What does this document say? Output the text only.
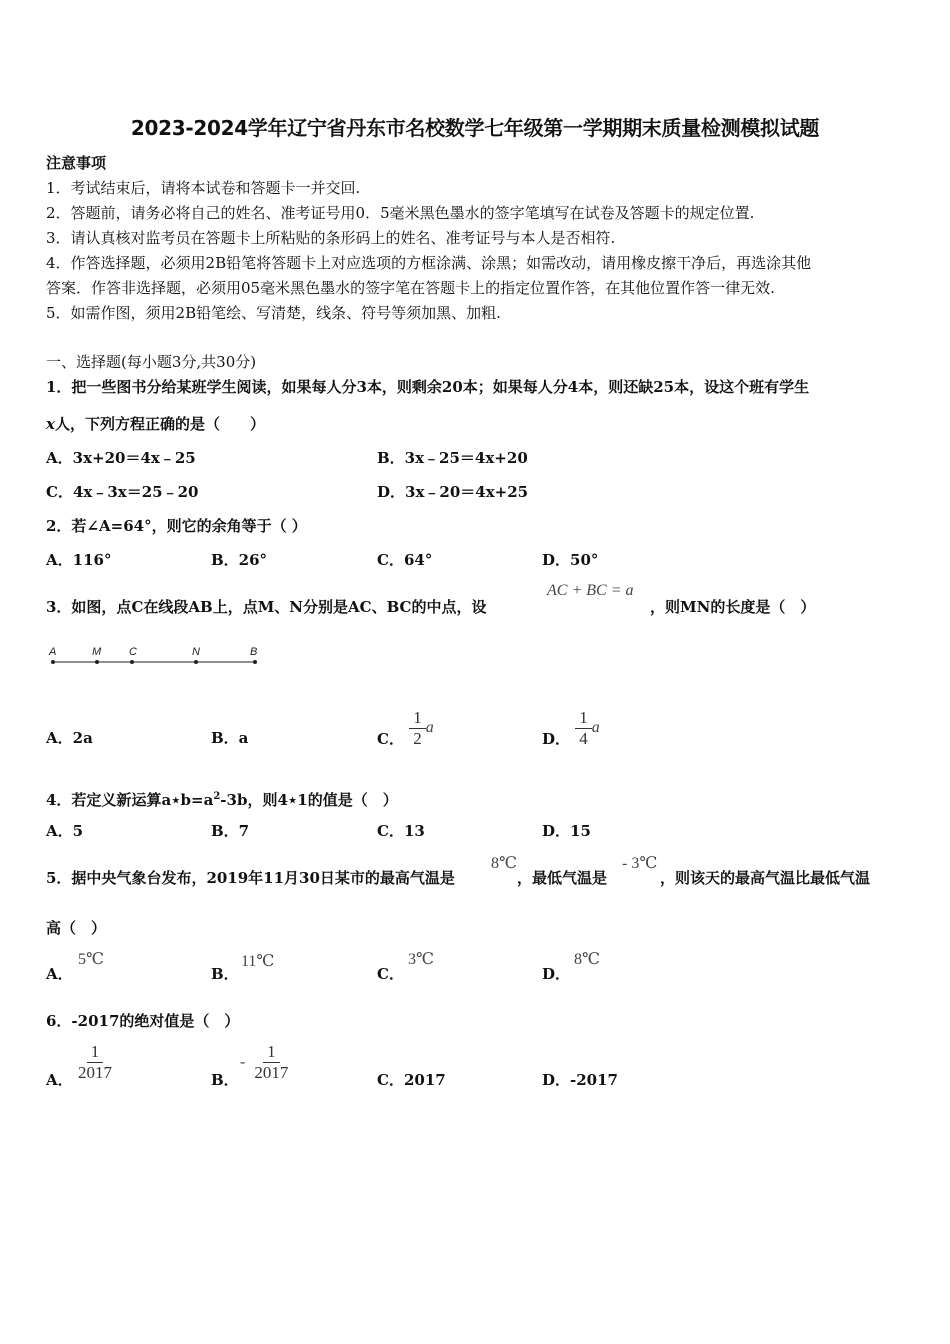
2023-2024学年辽宁省丹东市名校数学七年级第一学期期末质量检测模拟试题
注意事项
1．考试结束后，请将本试卷和答题卡一并交回.
2．答题前，请务必将自己的姓名、准考证号用0．5毫米黑色墨水的签字笔填写在试卷及答题卡的规定位置.
3．请认真核对监考员在答题卡上所粘贴的条形码上的姓名、准考证号与本人是否相符.
4．作答选择题，必须用2B铅笔将答题卡上对应选项的方框涂满、涂黑；如需改动，请用橡皮擦干净后，再选涂其他
答案．作答非选择题，必须用05毫米黑色墨水的签字笔在答题卡上的指定位置作答，在其他位置作答一律无效.
5．如需作图，须用2B铅笔绘、写清楚，线条、符号等须加黑、加粗.
一、选择题(每小题3分,共30分)
1．把一些图书分给某班学生阅读，如果每人分3本，则剩余20本；如果每人分4本，则还缺25本，设这个班有学生
x人，下列方程正确的是（　　）
A．3x+20＝4x﹣25	B．3x﹣25＝4x+20
C．4x﹣3x＝25﹣20	D．3x﹣20＝4x+25
2．若∠A=64°，则它的余角等于（ ）
A．116°	B．26°	C．64°	D．50°
3．如图，点C在线段AB上，点M、N分别是AC、BC的中点，设
AC + BC = a
，则MN的长度是（　）
A	M	C	N	B
A．2a	B．a	C． $\frac{1}{2}$ a
D． $\frac{1}{4}$ a
4．若定义新运算$a⋆b=a^2-3b$，则4⋆1的值是（　）
A．5	B．7	C．13	D．15
5．据中央气象台发布，2019年11月30日某市的最高气温是
8℃
，最低气温是
- 3℃
，则该天的最高气温比最低气温
高（　）
A．
5℃
B．
11℃
C．
3℃
D．
8℃
6．-2017的绝对值是（　）
A． $\frac{1}{2017}$	B．
- $\frac{1}{2017}$	C．2017	D．-2017
